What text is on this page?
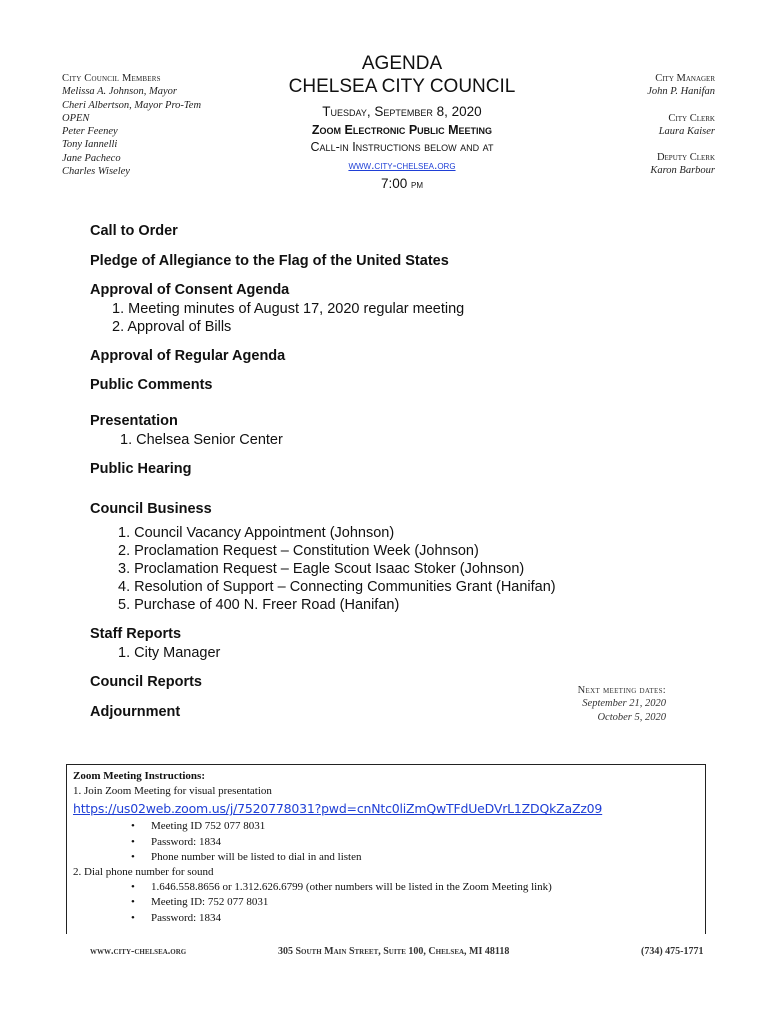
City Council Members
Melissa A. Johnson, Mayor
Cheri Albertson, Mayor Pro-Tem
OPEN
Peter Feeney
Tony Iannelli
Jane Pacheco
Charles Wiseley
AGENDA
CHELSEA CITY COUNCIL
Tuesday, September 8, 2020
Zoom Electronic Public Meeting
Call-in Instructions below and at
www.city-chelsea.org
7:00 pm
City Manager
John P. Hanifan
City Clerk
Laura Kaiser
Deputy Clerk
Karon Barbour
Call to Order
Pledge of Allegiance to the Flag of the United States
Approval of Consent Agenda
1. Meeting minutes of August 17, 2020 regular meeting
2. Approval of Bills
Approval of Regular Agenda
Public Comments
Presentation
1. Chelsea Senior Center
Public Hearing
Council Business
1. Council Vacancy Appointment (Johnson)
2. Proclamation Request – Constitution Week (Johnson)
3. Proclamation Request – Eagle Scout Isaac Stoker (Johnson)
4. Resolution of Support – Connecting Communities Grant (Hanifan)
5. Purchase of 400 N. Freer Road (Hanifan)
Staff Reports
1. City Manager
Council Reports
Adjournment
Next meeting dates:
September 21, 2020
October 5, 2020
Zoom Meeting Instructions:
1. Join Zoom Meeting for visual presentation
https://us02web.zoom.us/j/7520778031?pwd=cnNtc0liZmQwTFdUeDVrL1ZDQkZaZz09
• Meeting ID 752 077 8031
• Password: 1834
• Phone number will be listed to dial in and listen
2. Dial phone number for sound
• 1.646.558.8656 or 1.312.626.6799 (other numbers will be listed in the Zoom Meeting link)
• Meeting ID: 752 077 8031
• Password: 1834
www.city-chelsea.org	305 South Main Street, Suite 100, Chelsea, MI 48118	(734) 475-1771
